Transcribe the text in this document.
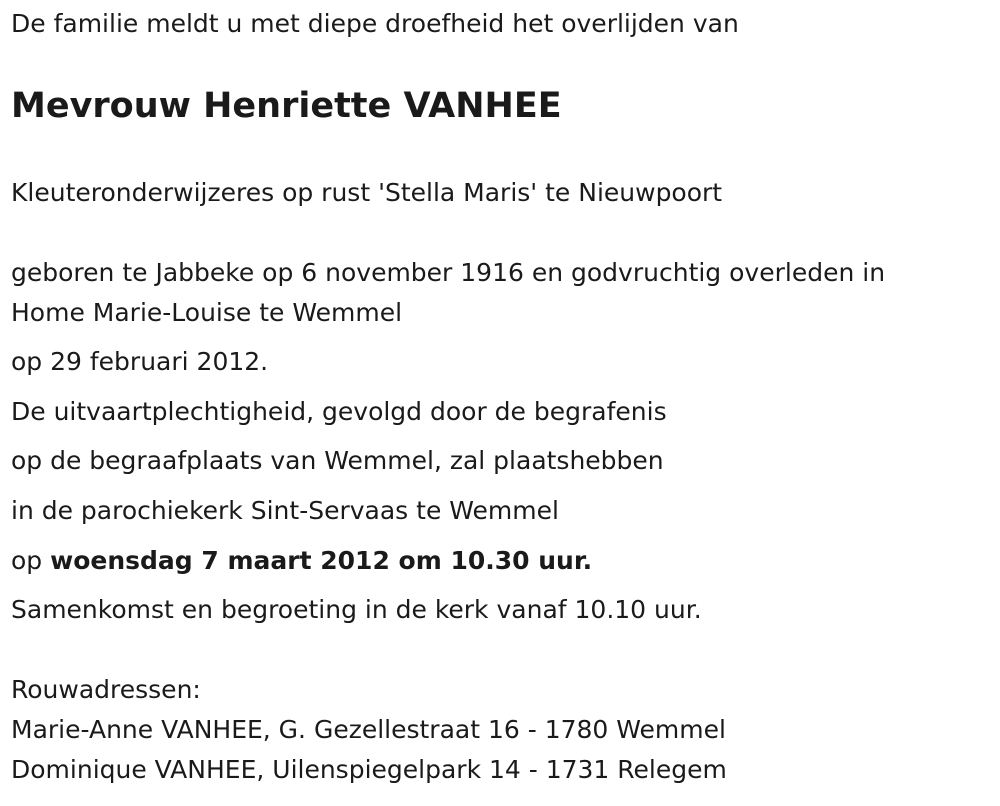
De familie meldt u met diepe droefheid het overlijden van
Mevrouw Henriette VANHEE
Kleuteronderwijzeres op rust 'Stella Maris' te Nieuwpoort
geboren te Jabbeke op 6 november 1916 en godvruchtig overleden in
Home Marie-Louise te Wemmel
op 29 februari 2012.
De uitvaartplechtigheid, gevolgd door de begrafenis
op de begraafplaats van Wemmel, zal plaatshebben
in de parochiekerk Sint-Servaas te Wemmel
op woensdag 7 maart 2012 om 10.30 uur.
Samenkomst en begroeting in de kerk vanaf 10.10 uur.
Rouwadressen:
Marie-Anne VANHEE, G. Gezellestraat 16 - 1780 Wemmel
Dominique VANHEE, Uilenspiegelpark 14 - 1731 Relegem
